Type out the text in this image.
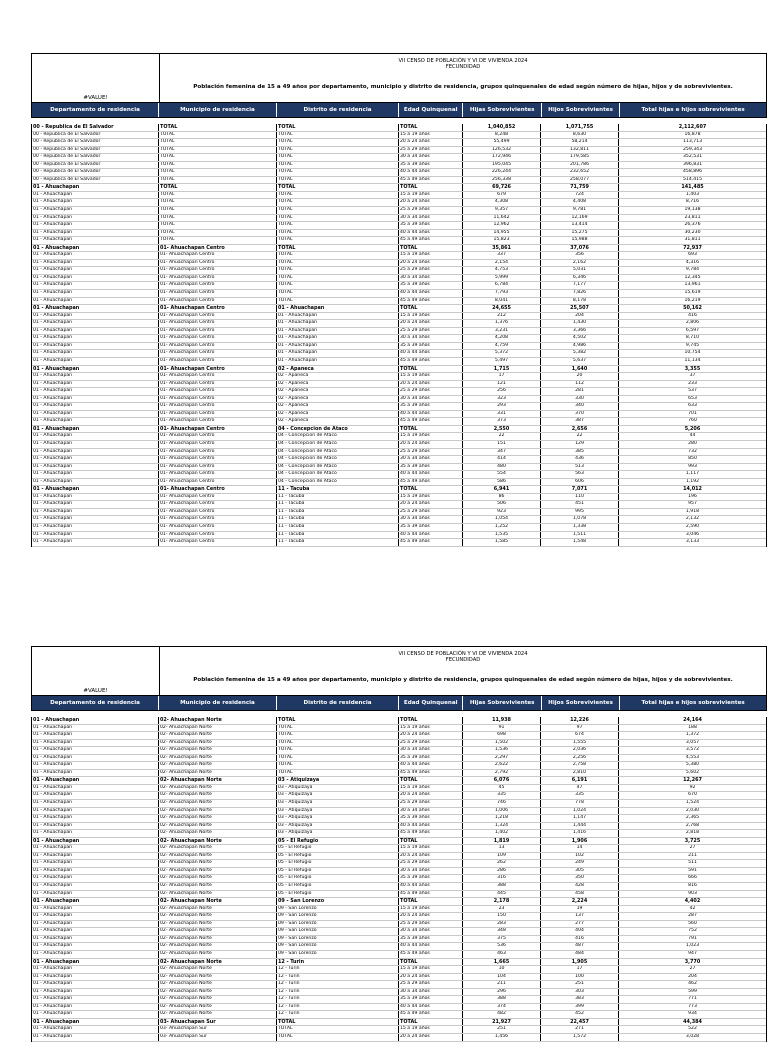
#VALUE!
VII CENSO DE POBLACIÓN Y VI DE VIVIENDA 2024
FECUNDIDAD
Población femenina de 15 a 49 años por departamento, municipio y distrito de residencia, grupos quinquenales de edad según número de hijas, hijos y de sobrevivientes.
Departamento de residencia	Municipio de residencia	Distrito de residencia	Edad Quinquenal	Hijas Sobrevivientes	Hijos Sobrevivientes	Total hijas e hijos sobrevivientes
00 - Republica de El Salvador	TOTAL	TOTAL	TOTAL	1,040,852	1,071,755	2,112,607
00 - Republica de El Salvador	TOTAL	TOTAL	15 a 19 años	8,248	8,630	16,878
00 - Republica de El Salvador	TOTAL	TOTAL	20 a 24 años	55,499	58,214	113,713
00 - Republica de El Salvador	TOTAL	TOTAL	25 a 29 años	126,532	132,811	259,343
00 - Republica de El Salvador	TOTAL	TOTAL	30 a 34 años	172,946	179,585	352,531
00 - Republica de El Salvador	TOTAL	TOTAL	35 a 39 años	195,045	201,786	396,831
00 - Republica de El Salvador	TOTAL	TOTAL	40 a 44 años	226,244	232,652	458,896
00 - Republica de El Salvador	TOTAL	TOTAL	45 a 49 años	256,338	258,077	514,415
01 - Ahuachapan	TOTAL	TOTAL	TOTAL	69,726	71,759	141,485
01 - Ahuachapan	TOTAL	TOTAL	15 a 19 años	679	724	1,403
01 - Ahuachapan	TOTAL	TOTAL	20 a 24 años	4,308	4,408	8,716
01 - Ahuachapan	TOTAL	TOTAL	25 a 29 años	9,357	9,781	19,138
01 - Ahuachapan	TOTAL	TOTAL	30 a 34 años	11,642	12,169	23,811
01 - Ahuachapan	TOTAL	TOTAL	35 a 39 años	12,962	13,414	26,376
01 - Ahuachapan	TOTAL	TOTAL	40 a 44 años	14,955	15,275	30,230
01 - Ahuachapan	TOTAL	TOTAL	45 a 49 años	15,823	15,988	31,811
01 - Ahuachapan	01- Ahuachapan Centro	TOTAL	TOTAL	35,861	37,076	72,937
01 - Ahuachapan	01- Ahuachapan Centro	TOTAL	15 a 19 años	337	356	693
01 - Ahuachapan	01- Ahuachapan Centro	TOTAL	20 a 24 años	2,154	2,162	4,316
01 - Ahuachapan	01- Ahuachapan Centro	TOTAL	25 a 29 años	4,753	5,031	9,784
01 - Ahuachapan	01- Ahuachapan Centro	TOTAL	30 a 34 años	5,999	6,346	12,345
01 - Ahuachapan	01- Ahuachapan Centro	TOTAL	35 a 39 años	6,784	7,177	13,961
01 - Ahuachapan	01- Ahuachapan Centro	TOTAL	40 a 44 años	7,793	7,826	15,619
01 - Ahuachapan	01- Ahuachapan Centro	TOTAL	45 a 49 años	8,041	8,178	16,219
01 - Ahuachapan	01- Ahuachapan Centro	01 - Ahuachapan	TOTAL	24,655	25,507	50,162
01 - Ahuachapan	01- Ahuachapan Centro	01 - Ahuachapan	15 a 19 años	212	204	416
01 - Ahuachapan	01- Ahuachapan Centro	01 - Ahuachapan	20 a 24 años	1,376	1,430	2,806
01 - Ahuachapan	01- Ahuachapan Centro	01 - Ahuachapan	25 a 29 años	3,231	3,366	6,597
01 - Ahuachapan	01- Ahuachapan Centro	01 - Ahuachapan	30 a 34 años	4,208	4,502	8,710
01 - Ahuachapan	01- Ahuachapan Centro	01 - Ahuachapan	35 a 39 años	4,759	4,986	9,745
01 - Ahuachapan	01- Ahuachapan Centro	01 - Ahuachapan	40 a 44 años	5,372	5,382	10,754
01 - Ahuachapan	01- Ahuachapan Centro	01 - Ahuachapan	45 a 49 años	5,497	5,637	11,134
01 - Ahuachapan	01- Ahuachapan Centro	02 - Apaneca	TOTAL	1,715	1,640	3,355
01 - Ahuachapan	01- Ahuachapan Centro	02 - Apaneca	15 a 19 años	17	20	37
01 - Ahuachapan	01- Ahuachapan Centro	02 - Apaneca	20 a 24 años	121	112	233
01 - Ahuachapan	01- Ahuachapan Centro	02 - Apaneca	25 a 29 años	256	281	537
01 - Ahuachapan	01- Ahuachapan Centro	02 - Apaneca	30 a 34 años	323	330	653
01 - Ahuachapan	01- Ahuachapan Centro	02 - Apaneca	35 a 39 años	293	340	633
01 - Ahuachapan	01- Ahuachapan Centro	02 - Apaneca	40 a 44 años	331	370	701
01 - Ahuachapan	01- Ahuachapan Centro	02 - Apaneca	45 a 49 años	373	387	760
01 - Ahuachapan	01- Ahuachapan Centro	04 - Concepcion de Ataco	TOTAL	2,550	2,656	5,206
01 - Ahuachapan	01- Ahuachapan Centro	04 - Concepcion de Ataco	15 a 19 años	22	22	44
01 - Ahuachapan	01- Ahuachapan Centro	04 - Concepcion de Ataco	20 a 24 años	151	129	280
01 - Ahuachapan	01- Ahuachapan Centro	04 - Concepcion de Ataco	25 a 29 años	347	385	732
01 - Ahuachapan	01- Ahuachapan Centro	04 - Concepcion de Ataco	30 a 34 años	414	436	850
01 - Ahuachapan	01- Ahuachapan Centro	04 - Concepcion de Ataco	35 a 39 años	480	513	993
01 - Ahuachapan	01- Ahuachapan Centro	04 - Concepcion de Ataco	40 a 44 años	554	563	1,117
01 - Ahuachapan	01- Ahuachapan Centro	04 - Concepcion de Ataco	45 a 49 años	586	606	1,192
01 - Ahuachapan	01- Ahuachapan Centro	11 - Tacuba	TOTAL	6,941	7,071	14,012
01 - Ahuachapan	01- Ahuachapan Centro	11 - Tacuba	15 a 19 años	86	110	196
01 - Ahuachapan	01- Ahuachapan Centro	11 - Tacuba	20 a 24 años	506	451	957
01 - Ahuachapan	01- Ahuachapan Centro	11 - Tacuba	25 a 29 años	923	995	1,918
01 - Ahuachapan	01- Ahuachapan Centro	11 - Tacuba	30 a 34 años	1,054	1,078	2,132
01 - Ahuachapan	01- Ahuachapan Centro	11 - Tacuba	35 a 39 años	1,252	1,338	2,590
01 - Ahuachapan	01- Ahuachapan Centro	11 - Tacuba	40 a 44 años	1,535	1,511	3,046
01 - Ahuachapan	01- Ahuachapan Centro	11 - Tacuba	45 a 49 años	1,585	1,548	3,133
#VALUE!
VII CENSO DE POBLACIÓN Y VI DE VIVIENDA 2024
FECUNDIDAD
Población femenina de 15 a 49 años por departamento, municipio y distrito de residencia, grupos quinquenales de edad según número de hijas, hijos y de sobrevivientes.
Departamento de residencia	Municipio de residencia	Distrito de residencia	Edad Quinquenal	Hijas Sobrevivientes	Hijos Sobrevivientes	Total hijas e hijos sobrevivientes
01 - Ahuachapan	02- Ahuachapan Norte	TOTAL	TOTAL	11,938	12,226	24,164
01 - Ahuachapan	02- Ahuachapan Norte	TOTAL	15 a 19 años	91	97	188
01 - Ahuachapan	02- Ahuachapan Norte	TOTAL	20 a 24 años	698	674	1,372
01 - Ahuachapan	02- Ahuachapan Norte	TOTAL	25 a 29 años	1,502	1,555	3,057
01 - Ahuachapan	02- Ahuachapan Norte	TOTAL	30 a 34 años	1,536	2,036	3,572
01 - Ahuachapan	02- Ahuachapan Norte	TOTAL	35 a 39 años	2,297	2,256	4,553
01 - Ahuachapan	02- Ahuachapan Norte	TOTAL	40 a 44 años	2,622	2,758	5,380
01 - Ahuachapan	02- Ahuachapan Norte	TOTAL	45 a 49 años	2,792	2,810	5,602
01 - Ahuachapan	02- Ahuachapan Norte	03 - Atiquizaya	TOTAL	6,076	6,191	12,267
01 - Ahuachapan	02- Ahuachapan Norte	03 - Atiquizaya	15 a 19 años	45	47	92
01 - Ahuachapan	02- Ahuachapan Norte	03 - Atiquizaya	20 a 24 años	335	335	670
01 - Ahuachapan	02- Ahuachapan Norte	03 - Atiquizaya	25 a 29 años	746	778	1,524
01 - Ahuachapan	02- Ahuachapan Norte	03 - Atiquizaya	30 a 34 años	1,006	1,024	2,030
01 - Ahuachapan	02- Ahuachapan Norte	03 - Atiquizaya	35 a 39 años	1,218	1,147	2,365
01 - Ahuachapan	02- Ahuachapan Norte	03 - Atiquizaya	40 a 44 años	1,324	1,444	2,768
01 - Ahuachapan	02- Ahuachapan Norte	03 - Atiquizaya	45 a 49 años	1,402	1,416	2,818
01 - Ahuachapan	02- Ahuachapan Norte	05 - El Refugio	TOTAL	1,819	1,906	3,725
01 - Ahuachapan	02- Ahuachapan Norte	05 - El Refugio	15 a 19 años	13	14	27
01 - Ahuachapan	02- Ahuachapan Norte	05 - El Refugio	20 a 24 años	109	102	211
01 - Ahuachapan	02- Ahuachapan Norte	05 - El Refugio	25 a 29 años	262	249	511
01 - Ahuachapan	02- Ahuachapan Norte	05 - El Refugio	30 a 34 años	286	305	591
01 - Ahuachapan	02- Ahuachapan Norte	05 - El Refugio	35 a 39 años	316	350	666
01 - Ahuachapan	02- Ahuachapan Norte	05 - El Refugio	40 a 44 años	388	428	816
01 - Ahuachapan	02- Ahuachapan Norte	05 - El Refugio	45 a 49 años	445	458	903
01 - Ahuachapan	02- Ahuachapan Norte	09 - San Lorenzo	TOTAL	2,178	2,224	4,402
01 - Ahuachapan	02- Ahuachapan Norte	09 - San Lorenzo	15 a 19 años	23	19	42
01 - Ahuachapan	02- Ahuachapan Norte	09 - San Lorenzo	20 a 24 años	150	137	287
01 - Ahuachapan	02- Ahuachapan Norte	09 - San Lorenzo	25 a 29 años	283	277	560
01 - Ahuachapan	02- Ahuachapan Norte	09 - San Lorenzo	30 a 34 años	348	404	752
01 - Ahuachapan	02- Ahuachapan Norte	09 - San Lorenzo	35 a 39 años	375	416	791
01 - Ahuachapan	02- Ahuachapan Norte	09 - San Lorenzo	40 a 44 años	536	487	1,023
01 - Ahuachapan	02- Ahuachapan Norte	09 - San Lorenzo	45 a 49 años	463	484	947
01 - Ahuachapan	02- Ahuachapan Norte	12 - Turin	TOTAL	1,665	1,905	3,770
01 - Ahuachapan	02- Ahuachapan Norte	12 - Turin	15 a 19 años	10	17	27
01 - Ahuachapan	02- Ahuachapan Norte	12 - Turin	20 a 24 años	104	100	204
01 - Ahuachapan	02- Ahuachapan Norte	12 - Turin	25 a 29 años	211	251	462
01 - Ahuachapan	02- Ahuachapan Norte	12 - Turin	30 a 34 años	296	303	599
01 - Ahuachapan	02- Ahuachapan Norte	12 - Turin	35 a 39 años	388	383	771
01 - Ahuachapan	02- Ahuachapan Norte	12 - Turin	40 a 44 años	374	399	773
01 - Ahuachapan	02- Ahuachapan Norte	12 - Turin	45 a 49 años	482	452	934
01 - Ahuachapan	03- Ahuachapan Sur	TOTAL	TOTAL	21,927	22,457	44,384
01 - Ahuachapan	03- Ahuachapan Sur	TOTAL	15 a 19 años	251	271	522
01 - Ahuachapan	03- Ahuachapan Sur	TOTAL	20 a 24 años	1,456	1,572	3,028
